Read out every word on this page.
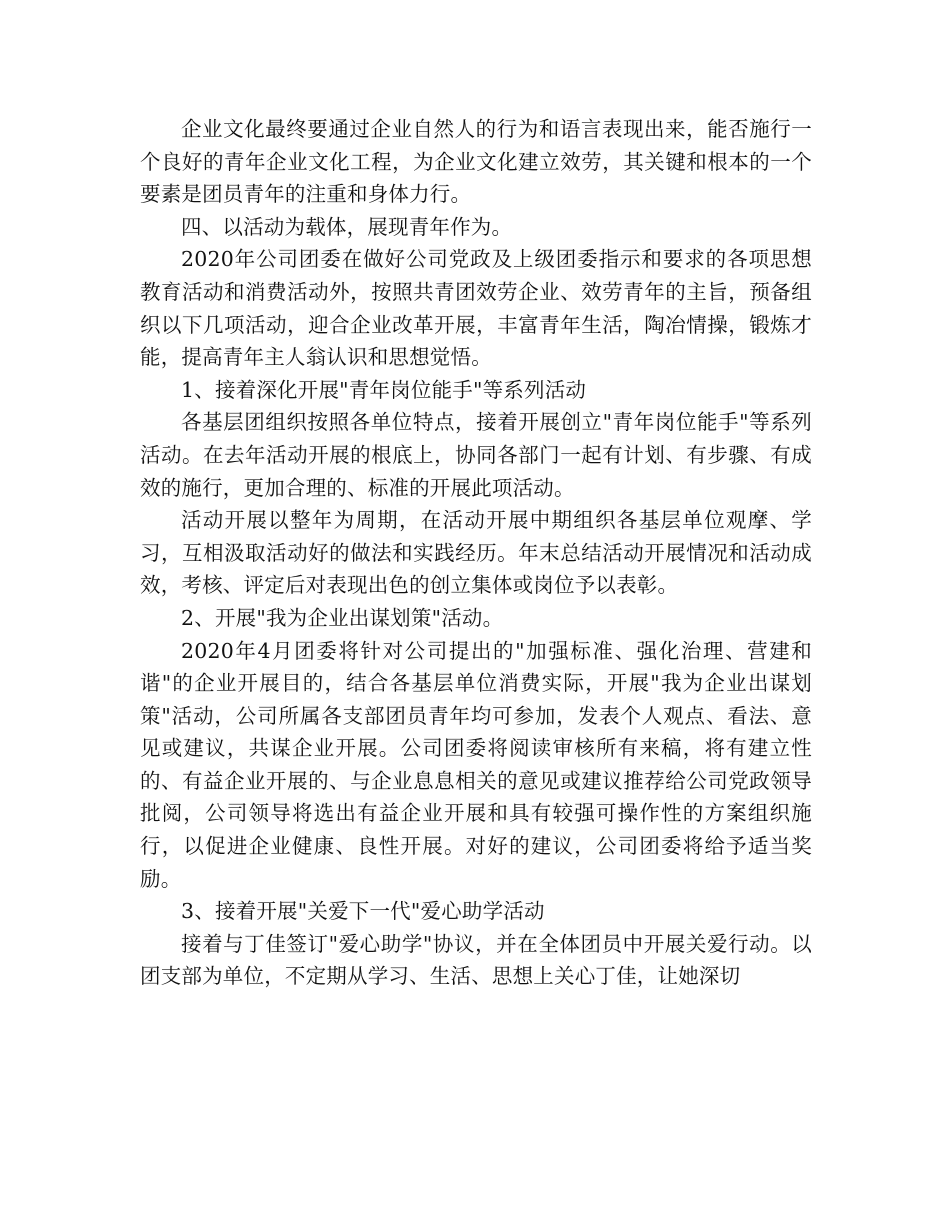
企业文化最终要通过企业自然人的行为和语言表现出来，能否施行一个良好的青年企业文化工程，为企业文化建立效劳，其关键和根本的一个要素是团员青年的注重和身体力行。

四、以活动为载体，展现青年作为。

2020年公司团委在做好公司党政及上级团委指示和要求的各项思想教育活动和消费活动外，按照共青团效劳企业、效劳青年的主旨，预备组织以下几项活动，迎合企业改革开展，丰富青年生活，陶冶情操，锻炼才能，提高青年主人翁认识和思想觉悟。

1、接着深化开展"青年岗位能手"等系列活动

各基层团组织按照各单位特点，接着开展创立"青年岗位能手"等系列活动。在去年活动开展的根底上，协同各部门一起有计划、有步骤、有成效的施行，更加合理的、标准的开展此项活动。

活动开展以整年为周期，在活动开展中期组织各基层单位观摩、学习，互相汲取活动好的做法和实践经历。年末总结活动开展情况和活动成效，考核、评定后对表现出色的创立集体或岗位予以表彰。

2、开展"我为企业出谋划策"活动。

2020年4月团委将针对公司提出的"加强标准、强化治理、营建和谐"的企业开展目的，结合各基层单位消费实际，开展"我为企业出谋划策"活动，公司所属各支部团员青年均可参加，发表个人观点、看法、意见或建议，共谋企业开展。公司团委将阅读审核所有来稿，将有建立性的、有益企业开展的、与企业息息相关的意见或建议推荐给公司党政领导批阅，公司领导将选出有益企业开展和具有较强可操作性的方案组织施行，以促进企业健康、良性开展。对好的建议，公司团委将给予适当奖励。

3、接着开展"关爱下一代"爱心助学活动

接着与丁佳签订"爱心助学"协议，并在全体团员中开展关爱行动。以团支部为单位，不定期从学习、生活、思想上关心丁佳，让她深切
